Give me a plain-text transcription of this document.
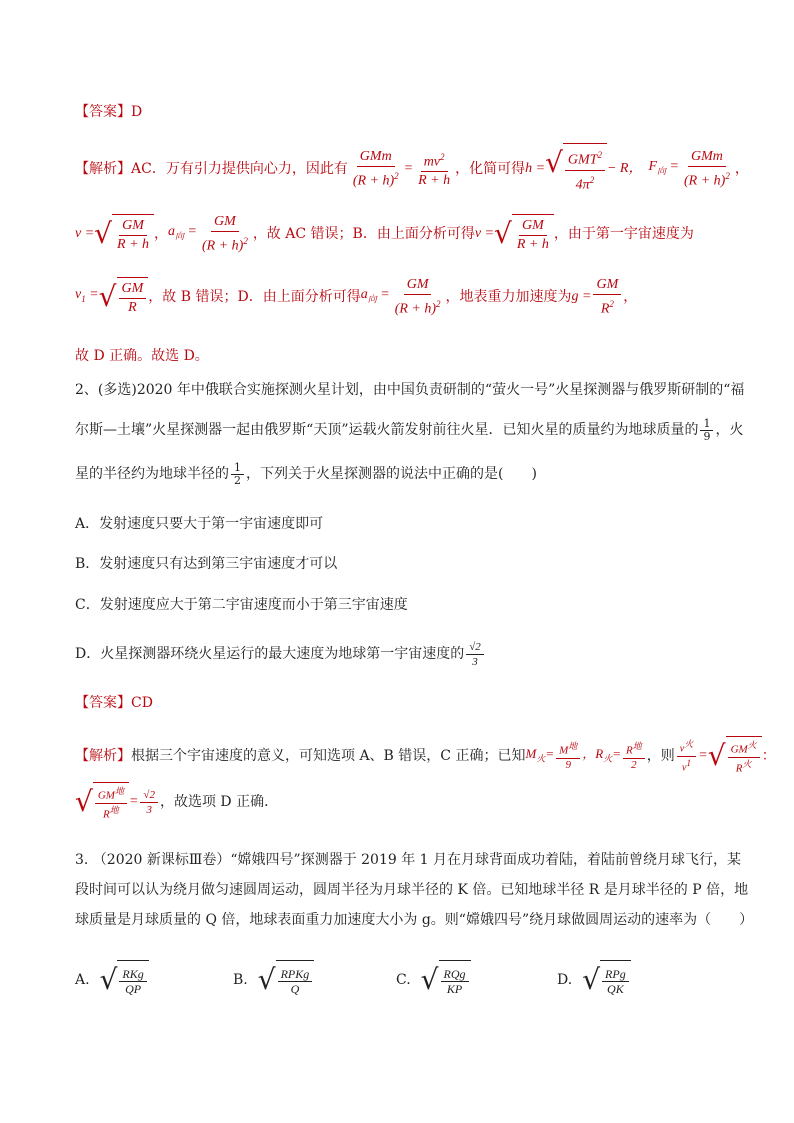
【答案】D
【解析】 AC．万有引力提供向心力，因此有 $\frac{\text{GMm}}{(R + h)^2} = \frac{mv^2}{R + h}$ ，化简可得 h = √ $\frac{GMT^2}{4\pi^2} - R$， $F_向 = \frac{\text{GMm}}{(R + h)^2}$ ，
v = √ $\frac{GM}{R + h}$ ， $a_向 = \frac{GM}{(R + h)^2}$ ，故 AC 错误；B．由上面分析可得 v = √ $\frac{GM}{R + h}$ ，由于第一宇宙速度为
$v_1$ = √ $\frac{GM}{R}$ ，故 B 错误；D．由上面分析可得 $a_向 = \frac{GM}{(R + h)^2}$ ，地表重力加速度为 $g = \frac{GM}{R^2}$ ，
故 D 正确。故选 D。
2、(多选)2020 年中俄联合实施探测火星计划，由中国负责研制的“萤火一号”火星探测器与俄罗斯研制的“福
尔斯—土壤”火星探测器一起由俄罗斯“天顶”运载火箭发射前往火星．已知火星的质量约为地球质量的 $\frac{1}{9}$ ，火
星的半径约为地球半径的 $\frac{1}{2}$ ，下列关于火星探测器的说法中正确的是(　　)
A．发射速度只要大于第一宇宙速度即可
B．发射速度只有达到第三宇宙速度才可以
C．发射速度应大于第二宇宙速度而小于第三宇宙速度
D．火星探测器环绕火星运行的最大速度为地球第一宇宙速度的 $\frac{√2}{3}$
【答案】CD
【解析】 根据三个宇宙速度的意义，可知选项 A、B 错误，C 正确；已知 $M_火= \frac{M^地}{9}$ ，$R_火= \frac{R^地}{2}$ ，则 $\frac{v^火}{v^1}$ = √ $\frac{GM^火}{R^火}$ ：
√ $\frac{GM^地}{R^地} = \frac{√2}{3}$ ，故选项 D 正确．
3. （2020 新课标Ⅲ卷）“嫦娥四号”探测器于 2019 年 1 月在月球背面成功着陆，着陆前曾绕月球飞行，某
段时间可以认为绕月做匀速圆周运动，圆周半径为月球半径的 K 倍。已知地球半径 R 是月球半径的 P 倍，地
球质量是月球质量的 Q 倍，地球表面重力加速度大小为 g。则“嫦娥四号”绕月球做圆周运动的速率为（　　）
A. √ $\frac{\text{RKg}}{QP}$	B. √ $\frac{\text{RPKg}}{Q}$	C. √ $\frac{\text{RQg}}{KP}$	D. √ $\frac{\text{RPg}}{QK}$
